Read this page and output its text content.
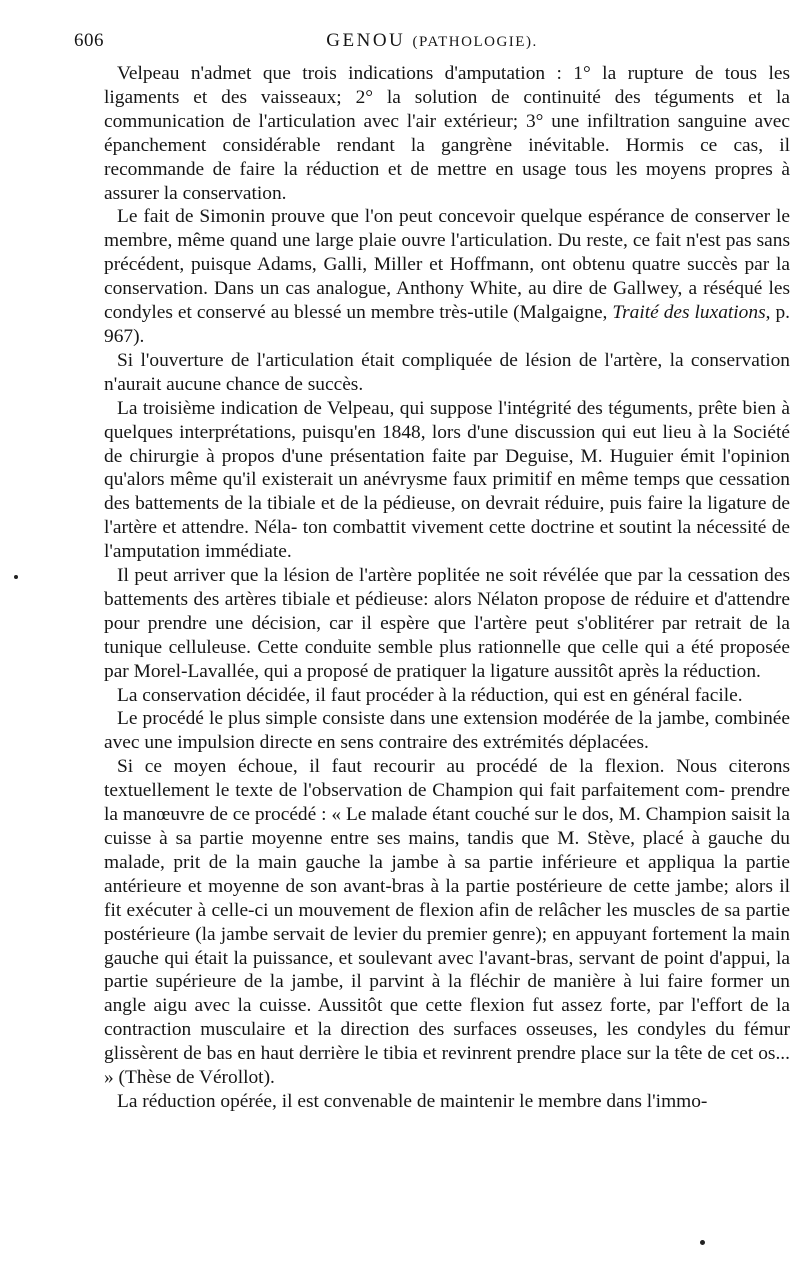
606	GENOU (PATHOLOGIE).

Velpeau n'admet que trois indications d'amputation : 1° la rupture de tous les ligaments et des vaisseaux; 2° la solution de continuité des téguments et la communication de l'articulation avec l'air extérieur; 3° une infiltration sanguine avec épanchement considérable rendant la gangrène inévitable. Hormis ce cas, il recommande de faire la réduction et de mettre en usage tous les moyens propres à assurer la conservation.

Le fait de Simonin prouve que l'on peut concevoir quelque espérance de conserver le membre, même quand une large plaie ouvre l'articulation. Du reste, ce fait n'est pas sans précédent, puisque Adams, Galli, Miller et Hoffmann, ont obtenu quatre succès par la conservation. Dans un cas analogue, Anthony White, au dire de Gallwey, a réséqué les condyles et conservé au blessé un membre très-utile (Malgaigne, Traité des luxations, p. 967).

Si l'ouverture de l'articulation était compliquée de lésion de l'artère, la conservation n'aurait aucune chance de succès.

La troisième indication de Velpeau, qui suppose l'intégrité des téguments, prête bien à quelques interprétations, puisqu'en 1848, lors d'une discussion qui eut lieu à la Société de chirurgie à propos d'une présentation faite par Deguise, M. Huguier émit l'opinion qu'alors même qu'il existerait un anévrysme faux primitif en même temps que cessation des battements de la tibiale et de la pédieuse, on devrait réduire, puis faire la ligature de l'artère et attendre. Néla- ton combattit vivement cette doctrine et soutint la nécessité de l'amputation immédiate.

Il peut arriver que la lésion de l'artère poplitée ne soit révélée que par la cessation des battements des artères tibiale et pédieuse: alors Nélaton propose de réduire et d'attendre pour prendre une décision, car il espère que l'artère peut s'oblitérer par retrait de la tunique celluleuse. Cette conduite semble plus rationnelle que celle qui a été proposée par Morel-Lavallée, qui a proposé de pratiquer la ligature aussitôt après la réduction.

La conservation décidée, il faut procéder à la réduction, qui est en général facile.

Le procédé le plus simple consiste dans une extension modérée de la jambe, combinée avec une impulsion directe en sens contraire des extrémités déplacées.

Si ce moyen échoue, il faut recourir au procédé de la flexion. Nous citerons textuellement le texte de l'observation de Champion qui fait parfaitement com- prendre la manœuvre de ce procédé : « Le malade étant couché sur le dos, M. Champion saisit la cuisse à sa partie moyenne entre ses mains, tandis que M. Stève, placé à gauche du malade, prit de la main gauche la jambe à sa partie inférieure et appliqua la partie antérieure et moyenne de son avant-bras à la partie postérieure de cette jambe; alors il fit exécuter à celle-ci un mouvement de flexion afin de relâcher les muscles de sa partie postérieure (la jambe servait de levier du premier genre); en appuyant fortement la main gauche qui était la puissance, et soulevant avec l'avant-bras, servant de point d'appui, la partie supérieure de la jambe, il parvint à la fléchir de manière à lui faire former un angle aigu avec la cuisse. Aussitôt que cette flexion fut assez forte, par l'effort de la contraction musculaire et la direction des surfaces osseuses, les condyles du fémur glissèrent de bas en haut derrière le tibia et revinrent prendre place sur la tête de cet os... » (Thèse de Vérollot).

La réduction opérée, il est convenable de maintenir le membre dans l'immo-
